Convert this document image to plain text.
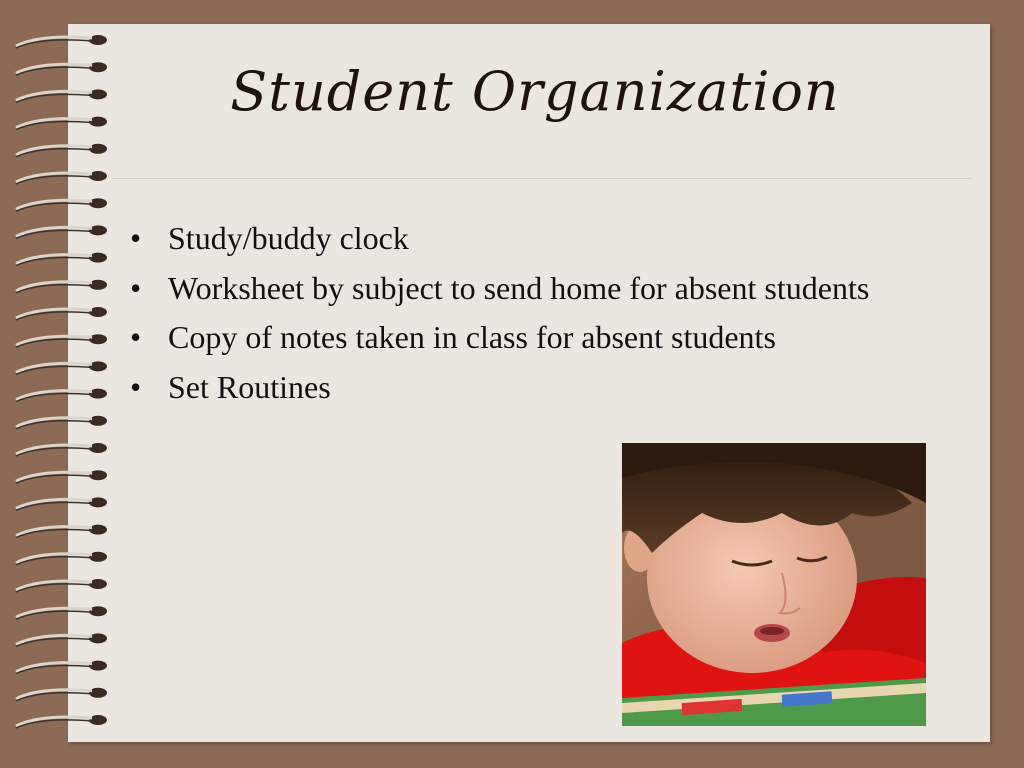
Student Organization
• Study/buddy clock
• Worksheet by subject to send home for absent students
• Copy of notes taken in class for absent students
• Set Routines
